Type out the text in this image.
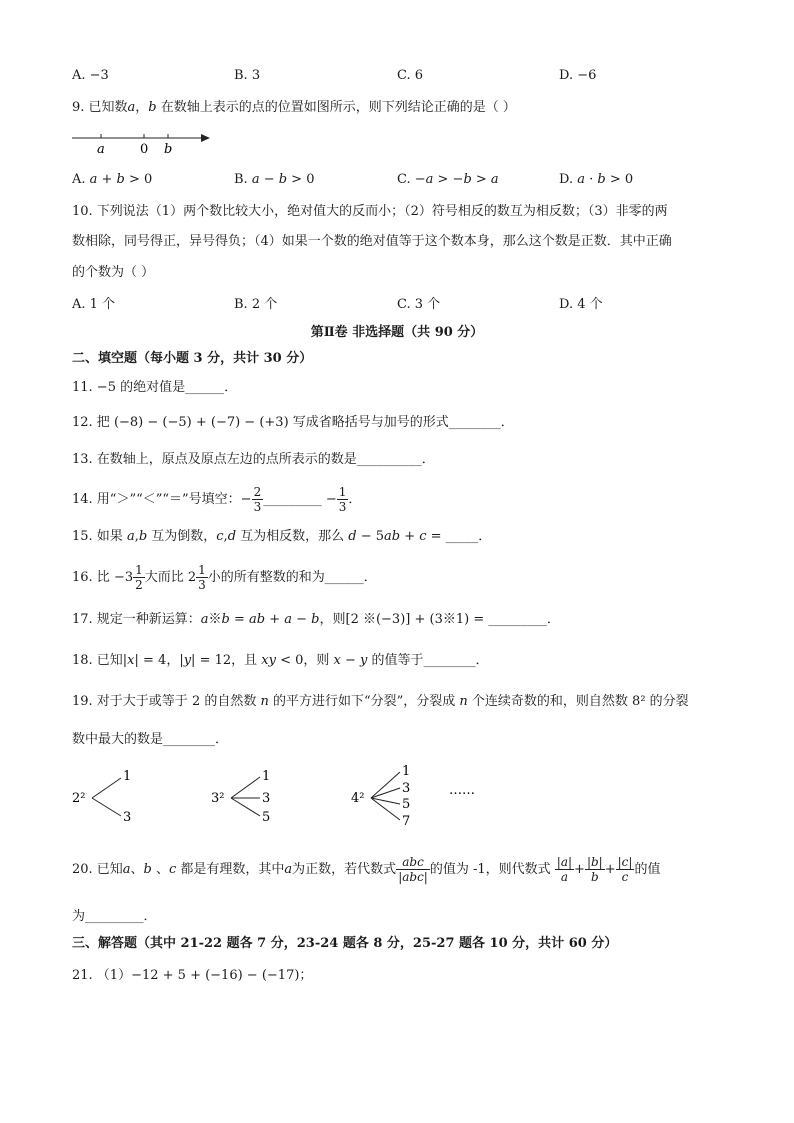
A. −3	B. 3	C. 6	D. −6
9. 已知数𝑎，𝑏 在数轴上表示的点的位置如图所示，则下列结论正确的是（ ）
a	0 b
A. 𝑎 + 𝑏 > 0	B. 𝑎 − 𝑏 > 0	C. −𝑎 > −𝑏 > 𝑎	D. 𝑎 · 𝑏 > 0
10. 下列说法（1）两个数比较大小，绝对值大的反而小；（2）符号相反的数互为相反数；（3）非零的两
数相除，同号得正，异号得负；（4）如果一个数的绝对值等于这个数本身，那么这个数是正数．其中正确
的个数为（ ）
A. 1 个	B. 2 个	C. 3 个	D. 4 个
第Ⅱ卷 非选择题（共 90 分）
二、填空题（每小题 3 分，共计 30 分）
11. −5 的绝对值是______．
12. 把 (−8) − (−5) + (−7) − (+3) 写成省略括号与加号的形式________．
13. 在数轴上，原点及原点左边的点所表示的数是__________．
14. 用“＞”“＜”“＝”号填空：− $\frac{2}{3}$ _________ − $\frac{1}{3}$ ．
15. 如果 𝑎,𝑏 互为倒数，𝑐,𝑑 互为相反数，那么 𝑑 − 5𝑎𝑏 + 𝑐 = _____．
16. 比 $-3 \frac{1}{2}$ 大而比 $2 \frac{1}{3}$ 小的所有整数的和为______．
17. 规定一种新运算：𝑎※𝑏 = 𝑎𝑏 + 𝑎 − 𝑏，则[2 ※(−3)] + (3※1) = _________．
18. 已知|𝑥| = 4，|𝑦| = 12，且 𝑥𝑦 < 0，则 𝑥 − 𝑦 的值等于________．
19. 对于大于或等于 2 的自然数 𝑛 的平方进行如下“分裂”，分裂成 𝑛 个连续奇数的和，则自然数 8² 的分裂
数中最大的数是________．
2²
1
3
3²
1
3
5
4²
1
3
5
7
……
20. 已知𝑎、𝑏 、𝑐 都是有理数，其中𝑎为正数，若代数式 $\frac{\text{𝑎𝑏𝑐}}{\text{|𝑎𝑏𝑐|}}$ 的值为 -1，则代数式 $\frac{\text{|𝑎|}}{\text{𝑎}} + \frac{\text{|𝑏|}}{\text{𝑏}} + \frac{\text{|𝑐|}}{\text{𝑐}}$ 的值
为_________．
三、解答题（其中 21-22 题各 7 分，23-24 题各 8 分，25-27 题各 10 分，共计 60 分）
21. （1）−12 + 5 + (−16) − (−17)；
